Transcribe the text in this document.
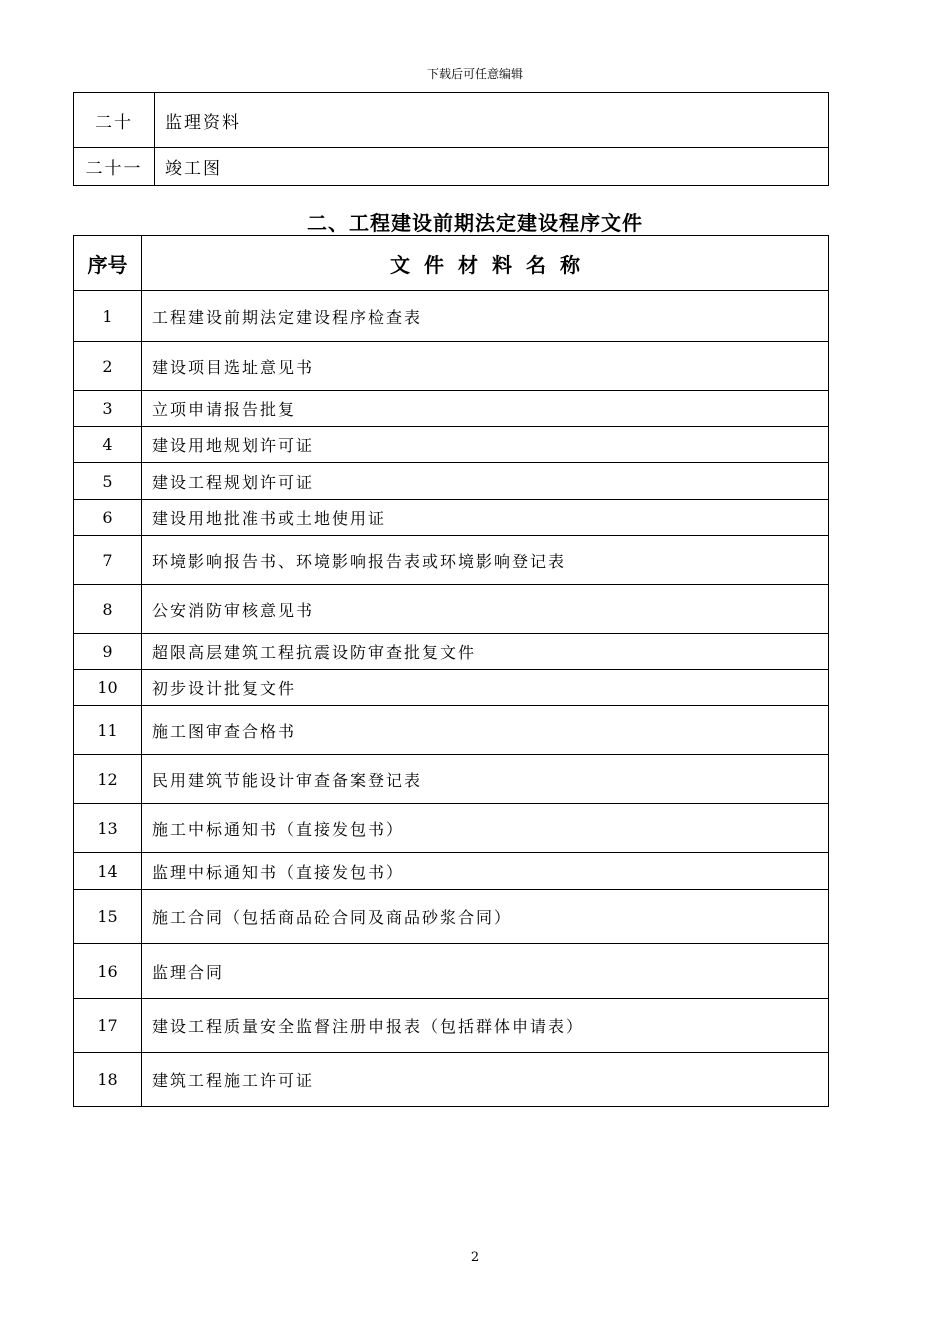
下载后可任意编辑
二十	监理资料
二十一	竣工图
二、工程建设前期法定建设程序文件
序号	文件材料名称
1	工程建设前期法定建设程序检查表
2	建设项目选址意见书
3	立项申请报告批复
4	建设用地规划许可证
5	建设工程规划许可证
6	建设用地批准书或土地使用证
7	环境影响报告书、环境影响报告表或环境影响登记表
8	公安消防审核意见书
9	超限高层建筑工程抗震设防审查批复文件
10	初步设计批复文件
11	施工图审查合格书
12	民用建筑节能设计审查备案登记表
13	施工中标通知书（直接发包书）
14	监理中标通知书（直接发包书）
15	施工合同（包括商品砼合同及商品砂浆合同）
16	监理合同
17	建设工程质量安全监督注册申报表（包括群体申请表）
18	建筑工程施工许可证
2
